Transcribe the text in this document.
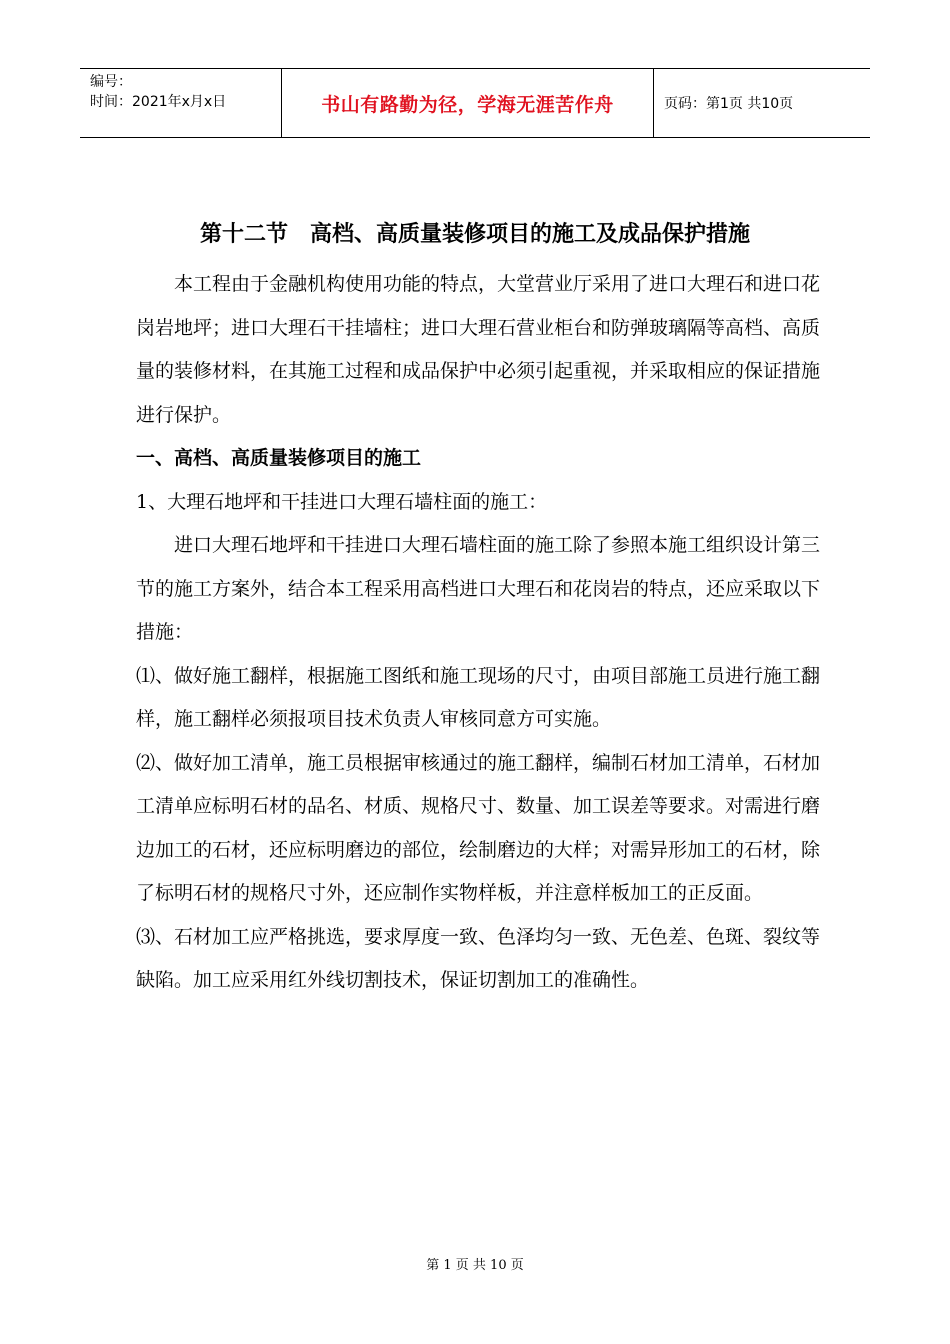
编号：
时间：2021年x月x日	书山有路勤为径，学海无涯苦作舟	页码：第1页 共10页
第十二节　高档、高质量装修项目的施工及成品保护措施

本工程由于金融机构使用功能的特点，大堂营业厅采用了进口大理石和进口花岗岩地坪；进口大理石干挂墙柱；进口大理石营业柜台和防弹玻璃隔等高档、高质量的装修材料，在其施工过程和成品保护中必须引起重视，并采取相应的保证措施进行保护。

一、高档、高质量装修项目的施工

1、大理石地坪和干挂进口大理石墙柱面的施工：

进口大理石地坪和干挂进口大理石墙柱面的施工除了参照本施工组织设计第三节的施工方案外，结合本工程采用高档进口大理石和花岗岩的特点，还应采取以下措施：

⑴、做好施工翻样，根据施工图纸和施工现场的尺寸，由项目部施工员进行施工翻样，施工翻样必须报项目技术负责人审核同意方可实施。

⑵、做好加工清单，施工员根据审核通过的施工翻样，编制石材加工清单，石材加工清单应标明石材的品名、材质、规格尺寸、数量、加工误差等要求。对需进行磨边加工的石材，还应标明磨边的部位，绘制磨边的大样；对需异形加工的石材，除了标明石材的规格尺寸外，还应制作实物样板，并注意样板加工的正反面。

⑶、石材加工应严格挑选，要求厚度一致、色泽均匀一致、无色差、色斑、裂纹等缺陷。加工应采用红外线切割技术，保证切割加工的准确性。

第 1 页 共 10 页
